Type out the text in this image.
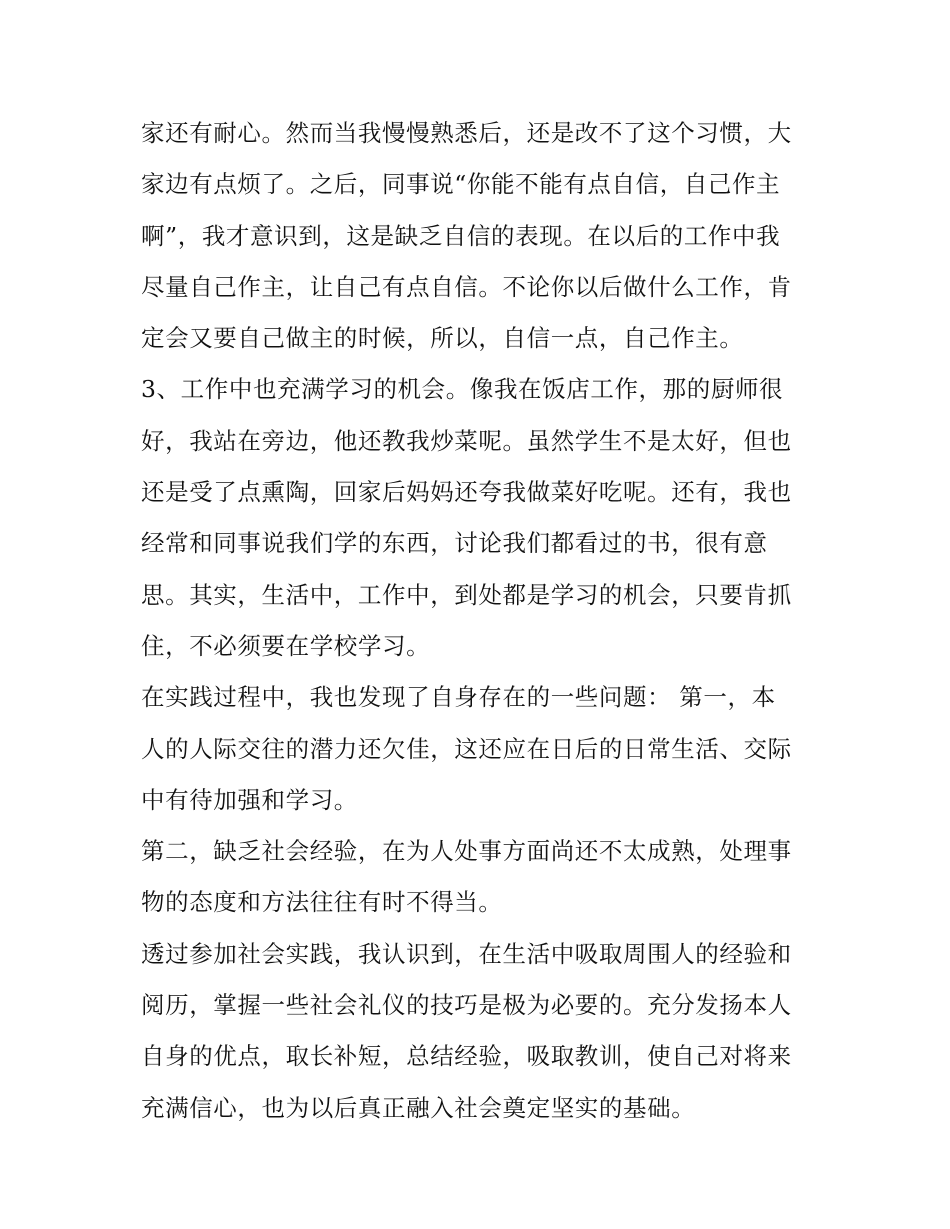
家还有耐心。然而当我慢慢熟悉后，还是改不了这个习惯，大
家边有点烦了。之后，同事说“你能不能有点自信，自己作主
啊”，我才意识到，这是缺乏自信的表现。在以后的工作中我
尽量自己作主，让自己有点自信。不论你以后做什么工作，肯
定会又要自己做主的时候，所以，自信一点，自己作主。
3、工作中也充满学习的机会。像我在饭店工作，那的厨师很
好，我站在旁边，他还教我炒菜呢。虽然学生不是太好，但也
还是受了点熏陶，回家后妈妈还夸我做菜好吃呢。还有，我也
经常和同事说我们学的东西，讨论我们都看过的书，很有意
思。其实，生活中，工作中，到处都是学习的机会，只要肯抓
住，不必须要在学校学习。
在实践过程中，我也发现了自身存在的一些问题： 第一，本
人的人际交往的潜力还欠佳，这还应在日后的日常生活、交际
中有待加强和学习。
第二，缺乏社会经验，在为人处事方面尚还不太成熟，处理事
物的态度和方法往往有时不得当。
透过参加社会实践，我认识到，在生活中吸取周围人的经验和
阅历，掌握一些社会礼仪的技巧是极为必要的。充分发扬本人
自身的优点，取长补短，总结经验，吸取教训，使自己对将来
充满信心，也为以后真正融入社会奠定坚实的基础。
